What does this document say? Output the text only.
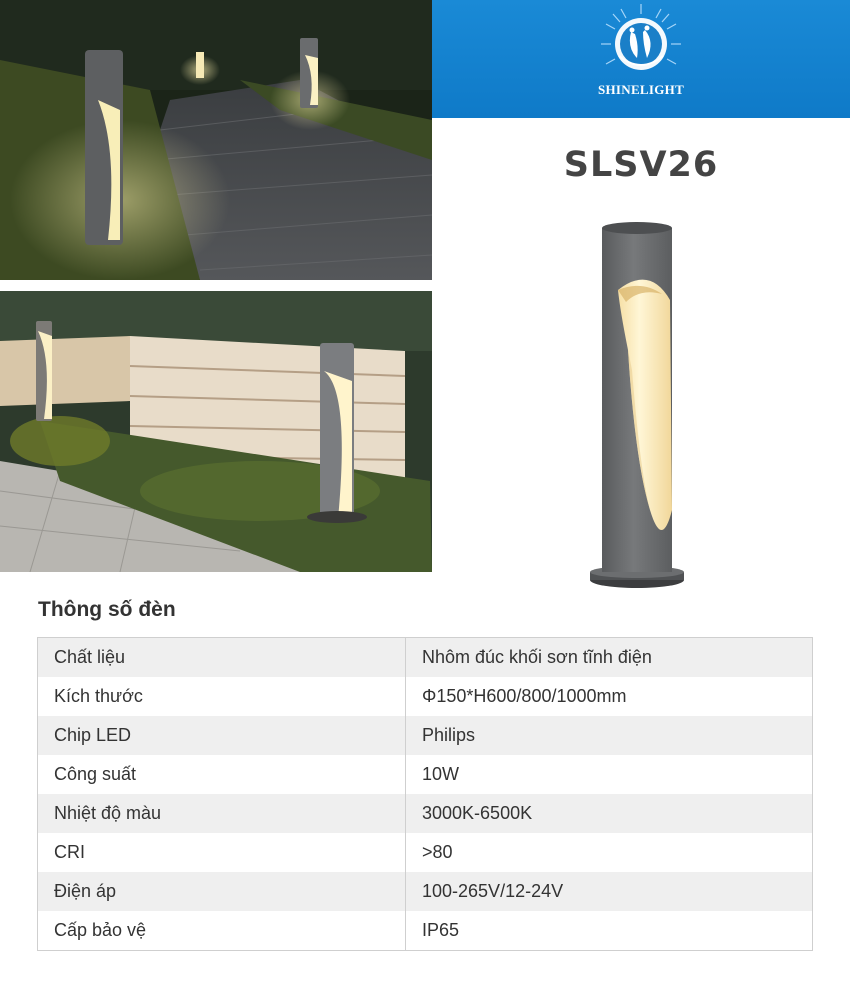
SHINELIGHT
SLSV26
Thông số đèn
Chất liệu	Nhôm đúc khối sơn tĩnh điện
Kích thước	Φ150*H600/800/1000mm
Chip LED	Philips
Công suất	10W
Nhiệt độ màu	3000K-6500K
CRI	>80
Điện áp	100-265V/12-24V
Cấp bảo vệ	IP65
